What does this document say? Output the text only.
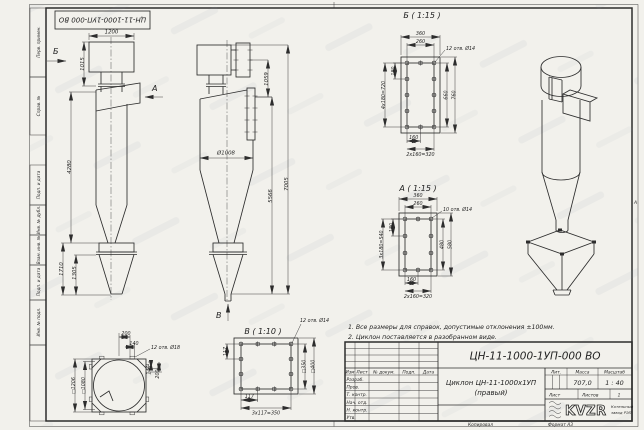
Перв. примен.
Справ. №
Подп. и дата
Инв. № дубл.
Взам. инв. №
Подп. и дата
Инв. № подл.
ЦН-11-1000-1УП-000 ВО
А
1200
1015
4280
1710 1305
Б
А
Ø1008
В
1059
5566
7005
Б ( 1:15 )
360
260
12 отв. Ø14
180
4х180=720	660 760
160
2х160=320
А ( 1:15 )
360
260
10 отв. Ø14
180
3х180=540	480 580
160
2х160=320
12 отв. Ø14
В ( 1:10 )
117
117
3х117=350
□350 □400
200
140
12 отв. Ø18
140 200
□1206 □1080
1. Все размеры для справок, допустимые отклонения ±100мм.
2. Циклон поставляется в разобранном виде.
Изм Лист № докум. Подп. Дата
Разраб.
Пров.
Т. контр.
Нач. отд.
Н. контр.
Утв.
ЦН-11-1000-1УП-000 ВО
Циклон ЦН-11-1000х1УП
(правый)
Лит.	Масса	Масштаб
707,0 1 : 40
Лист	Листов	1
KVZR Котельный
завод РЭП
Копировал	Формат А3
